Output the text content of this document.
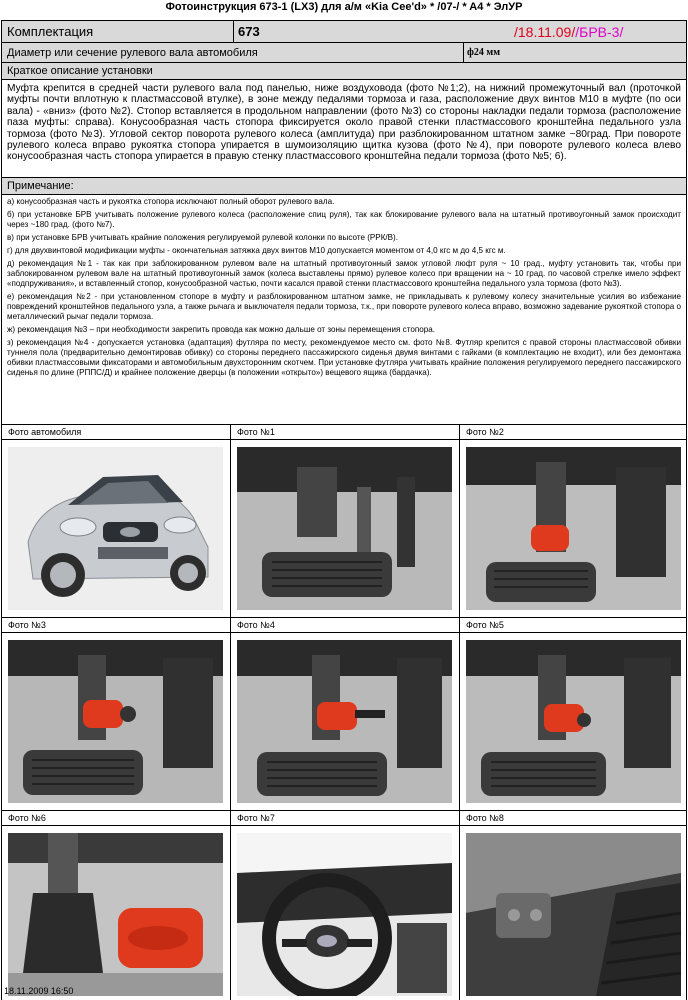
Фотоинструкция 673-1 (LX3) для а/м «Kia Cee'd» * /07-/ * A4 * ЭлУР
Комплектация	673	/18.11.09//БРВ-3/
Диаметр или сечение рулевого вала автомобиля	ф24 мм
Краткое описание установки
Муфта крепится в средней части рулевого вала под панелью, ниже воздуховода (фото №1;2), на нижний промежуточный вал (проточкой муфты почти вплотную к пластмассовой втулке), в зоне между педалями тормоза и газа, расположение двух винтов М10 в муфте (по оси вала) - «вниз» (фото №2). Стопор вставляется в продольном направлении (фото №3) со стороны накладки педали тормоза (расположение паза муфты: справа). Конусообразная часть стопора фиксируется около правой стенки пластмассового кронштейна педального узла тормоза (фото №3). Угловой сектор поворота рулевого колеса (амплитуда) при разблокированном штатном замке ~80град. При повороте рулевого колеса вправо рукоятка стопора упирается в шумоизоляцию щитка кузова (фото №4), при повороте рулевого колеса влево конусообразная часть стопора упирается в правую стенку пластмассового кронштейна педали тормоза (фото №5; 6).
Примечание:

а) конусообразная часть и рукоятка стопора исключают полный оборот рулевого вала.

б) при установке БРВ учитывать положение рулевого колеса (расположение спиц руля), так как блокирование рулевого вала на штатный противоугонный замок происходит через ~180 град. (фото №7).

в) при установке БРВ учитывать крайние положения регулируемой рулевой колонки по высоте (РРК/В).

г) для двухвинтовой модификации муфты - окончательная затяжка двух винтов М10 допускается моментом от 4,0 кгс м до 4,5 кгс м.

д) рекомендация №1 - так как при заблокированном рулевом вале на штатный противоугонный замок угловой люфт руля ~ 10 град., муфту установить так, чтобы при заблокированном рулевом вале на штатный противоугонный замок (колеса выставлены прямо) рулевое колесо при вращении на ~ 10 град. по часовой стрелке имело эффект «подпруживания», и вставленный стопор, конусообразной частью, почти касался правой стенки пластмассового кронштейна педального узла тормоза (фото №3).

е) рекомендация №2 - при установленном стопоре в муфту и разблокированном штатном замке, не прикладывать к рулевому колесу значительные усилия во избежание повреждений кронштейнов педального узла, а также рычага и выключателя педали тормоза, т.к., при повороте рулевого колеса вправо, возможно задевание рукояткой стопора о металлический рычаг педали тормоза.

ж) рекомендация №3 – при необходимости закрепить провода как можно дальше от зоны перемещения стопора.

з) рекомендация №4 - допускается установка (адаптация) футляра по месту, рекомендуемое место см. фото №8. Футляр крепится с правой стороны пластмассовой обивки туннеля пола (предварительно демонтировав обивку) со стороны переднего пассажирского сиденья двумя винтами с гайками (в комплектацию не входит), или без демонтажа обивки пластмассовыми фиксаторами и автомобильным двухсторонним скотчем. При установке футляра учитывать крайние положения регулируемого переднего пассажирского сиденья по длине (РППС/Д) и крайнее положение дверцы (в положении «открыто») вещевого ящика (бардачка).

Фото автомобиля	Фото №1	Фото №2
Фото №3	Фото №4	Фото №5
Фото №6	Фото №7	Фото №8
18.11.2009 16:50
